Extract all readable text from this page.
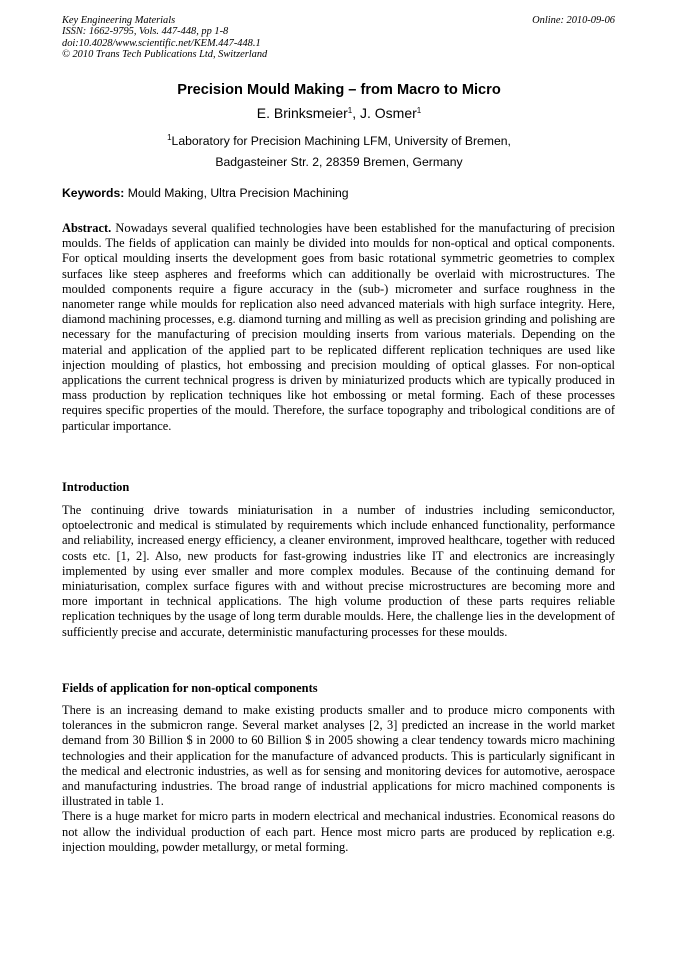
Key Engineering Materials
ISSN: 1662-9795, Vols. 447-448, pp 1-8
doi:10.4028/www.scientific.net/KEM.447-448.1
© 2010 Trans Tech Publications Ltd, Switzerland
Online: 2010-09-06
Precision Mould Making – from Macro to Micro
E. Brinksmeier$^1$, J. Osmer$^1$
$^1$Laboratory for Precision Machining LFM, University of Bremen,
Badgasteiner Str. 2, 28359 Bremen, Germany
Keywords: Mould Making, Ultra Precision Machining

Abstract. Nowadays several qualified technologies have been established for the manufacturing of precision moulds. The fields of application can mainly be divided into moulds for non-optical and optical components. For optical moulding inserts the development goes from basic rotational symmetric geometries to complex surfaces like steep aspheres and freeforms which can additionally be overlaid with microstructures. The moulded components require a figure accuracy in the (sub-) micrometer and surface roughness in the nanometer range while moulds for replication also need advanced materials with high surface integrity. Here, diamond machining processes, e.g. diamond turning and milling as well as precision grinding and polishing are necessary for the manufacturing of precision moulding inserts from various materials. Depending on the material and application of the applied part to be replicated different replication techniques are used like injection moulding of plastics, hot embossing and precision moulding of optical glasses. For non-optical applications the current technical progress is driven by miniaturized products which are typically produced in mass production by replication techniques like hot embossing or metal forming. Each of these processes requires specific properties of the mould. Therefore, the surface topography and tribological conditions are of particular importance.

Introduction

The continuing drive towards miniaturisation in a number of industries including semiconductor, optoelectronic and medical is stimulated by requirements which include enhanced functionality, performance and reliability, increased energy efficiency, a cleaner environment, improved healthcare, together with reduced costs etc. [1, 2]. Also, new products for fast-growing industries like IT and electronics are increasingly implemented by using ever smaller and more complex modules. Because of the continuing demand for miniaturisation, complex surface figures with and without precise microstructures are becoming more and more important in technical applications. The high volume production of these parts requires reliable replication techniques by the usage of long term durable moulds. Here, the challenge lies in the development of sufficiently precise and accurate, deterministic manufacturing processes for these moulds.

Fields of application for non-optical components

There is an increasing demand to make existing products smaller and to produce micro components with tolerances in the submicron range. Several market analyses [2, 3] predicted an increase in the world market demand from 30 Billion $ in 2000 to 60 Billion $ in 2005 showing a clear tendency towards micro machining technologies and their application for the manufacture of advanced products. This is particularly significant in the medical and electronic industries, as well as for sensing and monitoring devices for automotive, aerospace and manufacturing industries. The broad range of industrial applications for micro machined components is illustrated in table 1.

There is a huge market for micro parts in modern electrical and mechanical industries. Economical reasons do not allow the individual production of each part. Hence most micro parts are produced by replication e.g. injection moulding, powder metallurgy, or metal forming.
